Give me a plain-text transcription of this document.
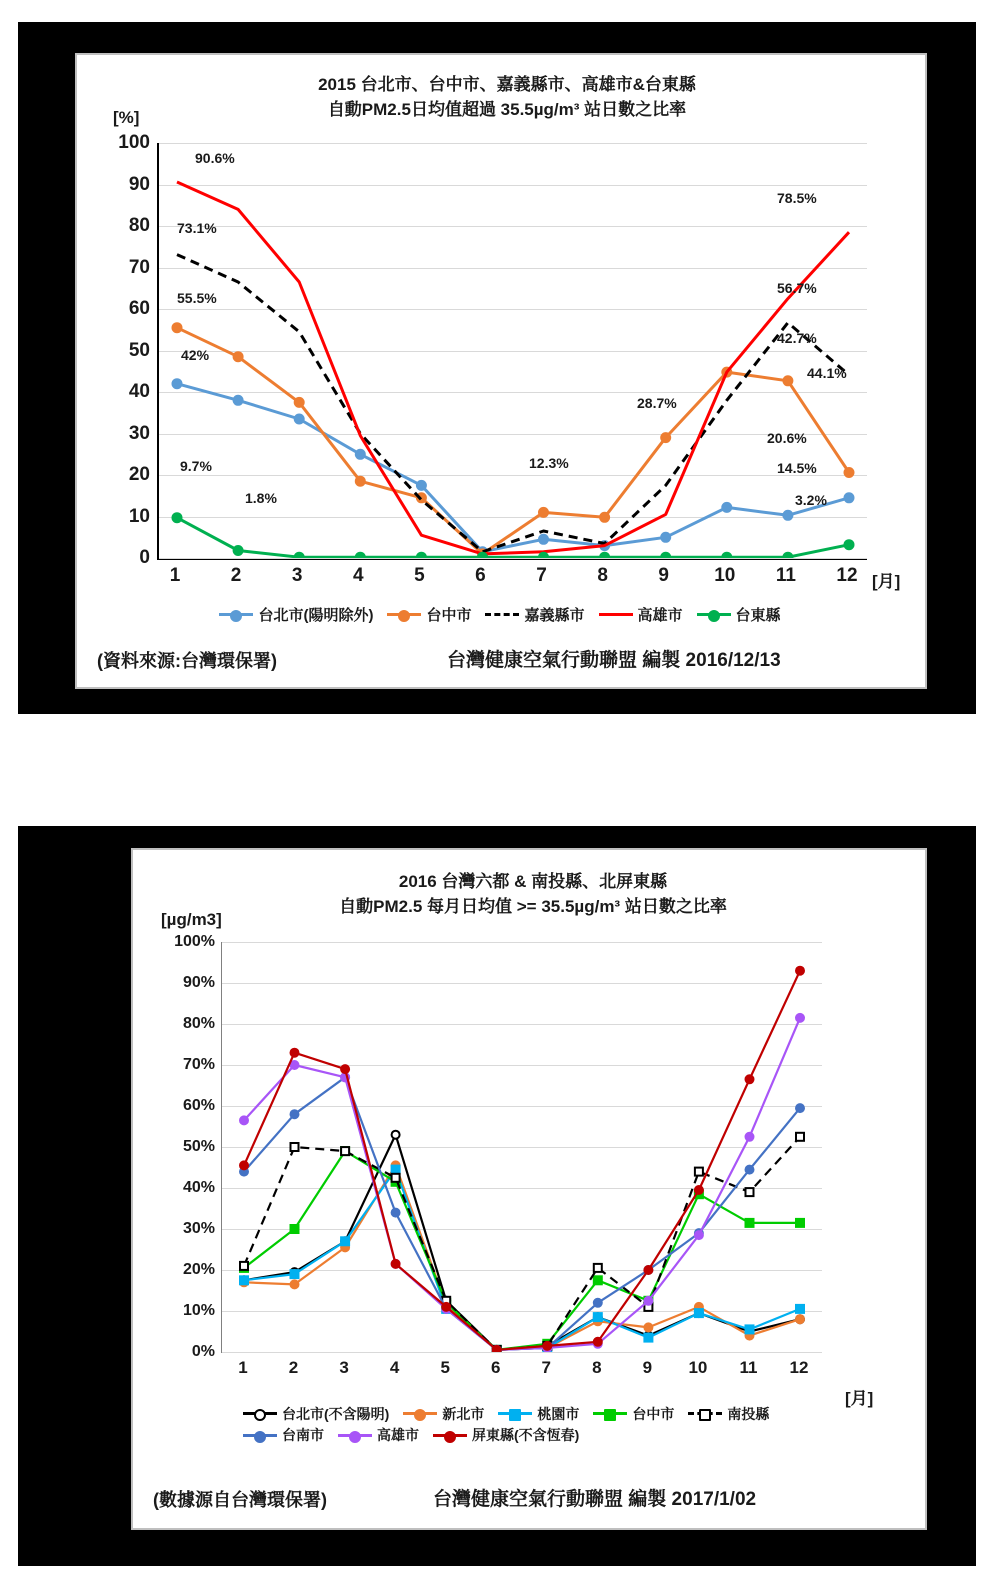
2015 台北市、台中市、嘉義縣市、高雄市&台東縣
自動PM2.5日均值超過 35.5µg/m³ 站日數之比率
[%]
0
10
20
30
40
50
60
70
80
90
100
1	2	3	4	5	6	7	8	9 10 11 12 [月]
90.6%
73.1%
55.5%
42%
9.7%
1.8%
12.3%
28.7%
78.5%
56.7%
42.7%
44.1%
20.6%
14.5%
3.2%
台北市(陽明除外)	台中市	嘉義縣市	高雄市	台東縣
(資料來源:台灣環保署)	台灣健康空氣行動聯盟 編製 2016/12/13
2016 台灣六都 & 南投縣、北屏東縣
自動PM2.5 每月日均值 >= 35.5µg/m³ 站日數之比率
[µg/m3]
0%
10%
20%
30%
40%
50%
60%
70%
80%
90%
100%
1 2 3 4 5 6 7 8 9 10 11 12
[月]
台北市(不含陽明)	新北市	桃園市	台中市	南投縣
台南市	高雄市	屏東縣(不含恆春)
(數據源自台灣環保署)	台灣健康空氣行動聯盟 編製 2017/1/02
